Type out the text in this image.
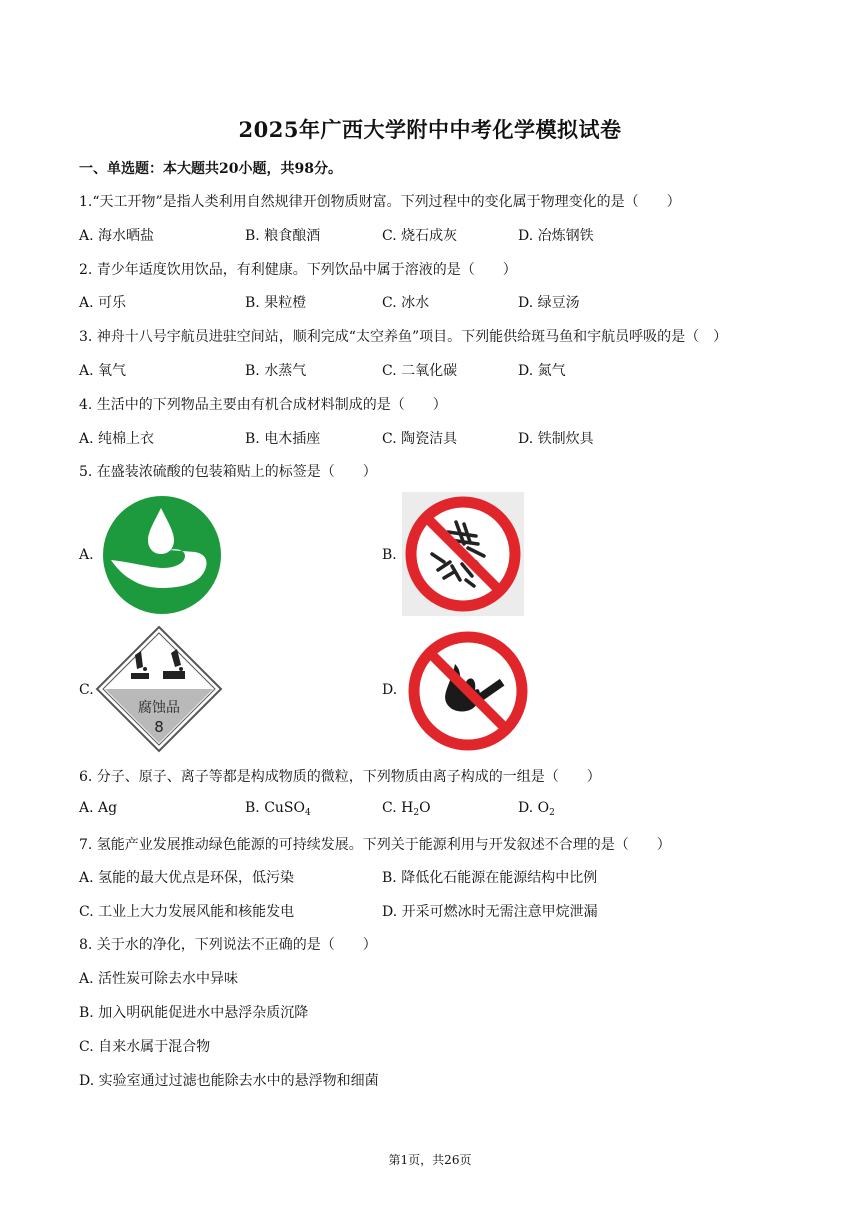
2025年广西大学附中中考化学模拟试卷
一、单选题：本大题共20小题，共98分。
1.“天工开物”是指人类利用自然规律开创物质财富。下列过程中的变化属于物理变化的是（　　）
A. 海水晒盐	B. 粮食酿酒	C. 烧石成灰	D. 冶炼钢铁
2. 青少年适度饮用饮品，有利健康。下列饮品中属于溶液的是（　　）
A. 可乐	B. 果粒橙	C. 冰水	D. 绿豆汤
3. 神舟十八号宇航员进驻空间站，顺利完成“太空养鱼”项目。下列能供给斑马鱼和宇航员呼吸的是（　）
A. 氧气	B. 水蒸气	C. 二氧化碳	D. 氮气
4. 生活中的下列物品主要由有机合成材料制成的是（　　）
A. 纯棉上衣	B. 电木插座	C. 陶瓷洁具	D. 铁制炊具
5. 在盛装浓硫酸的包装箱贴上的标签是（　　）
A.	B.
C.
腐蚀品
8
D.
6. 分子、原子、离子等都是构成物质的微粒，下列物质由离子构成的一组是（　　）
A. Ag	B. CuSO$_4$	C. $H_2O$	D. $O_2$
7. 氢能产业发展推动绿色能源的可持续发展。下列关于能源利用与开发叙述不合理的是（　　）
A. 氢能的最大优点是环保，低污染	B. 降低化石能源在能源结构中比例
C. 工业上大力发展风能和核能发电	D. 开采可燃冰时无需注意甲烷泄漏
8. 关于水的净化，下列说法不正确的是（　　）
A. 活性炭可除去水中异味
B. 加入明矾能促进水中悬浮杂质沉降
C. 自来水属于混合物
D. 实验室通过过滤也能除去水中的悬浮物和细菌
第1页，共26页
